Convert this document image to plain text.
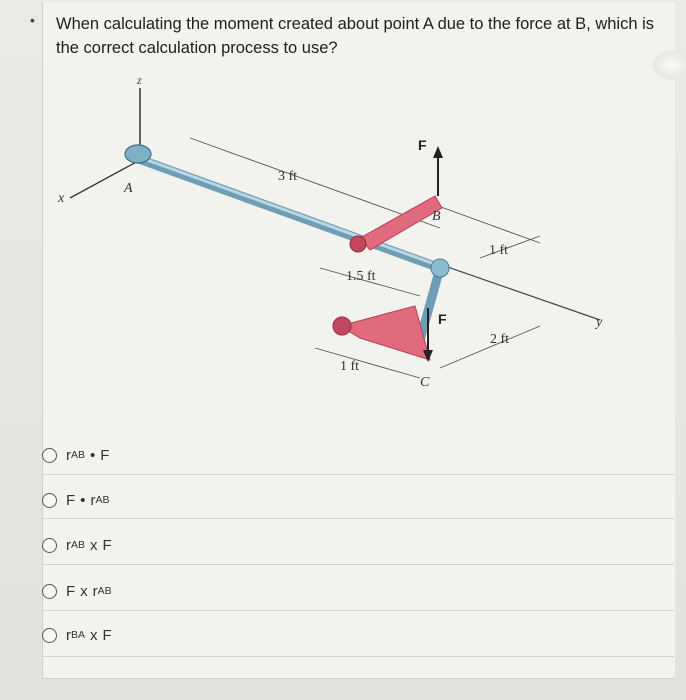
• When calculating the moment created about point A due to the force at B, which is the correct calculation process to use?
z
x
y
A
B
C
F
F
3 ft
1.5 ft
1 ft
2 ft
1 ft
r AB • F
F • r AB
r AB x F
F x r AB
r BA x F
